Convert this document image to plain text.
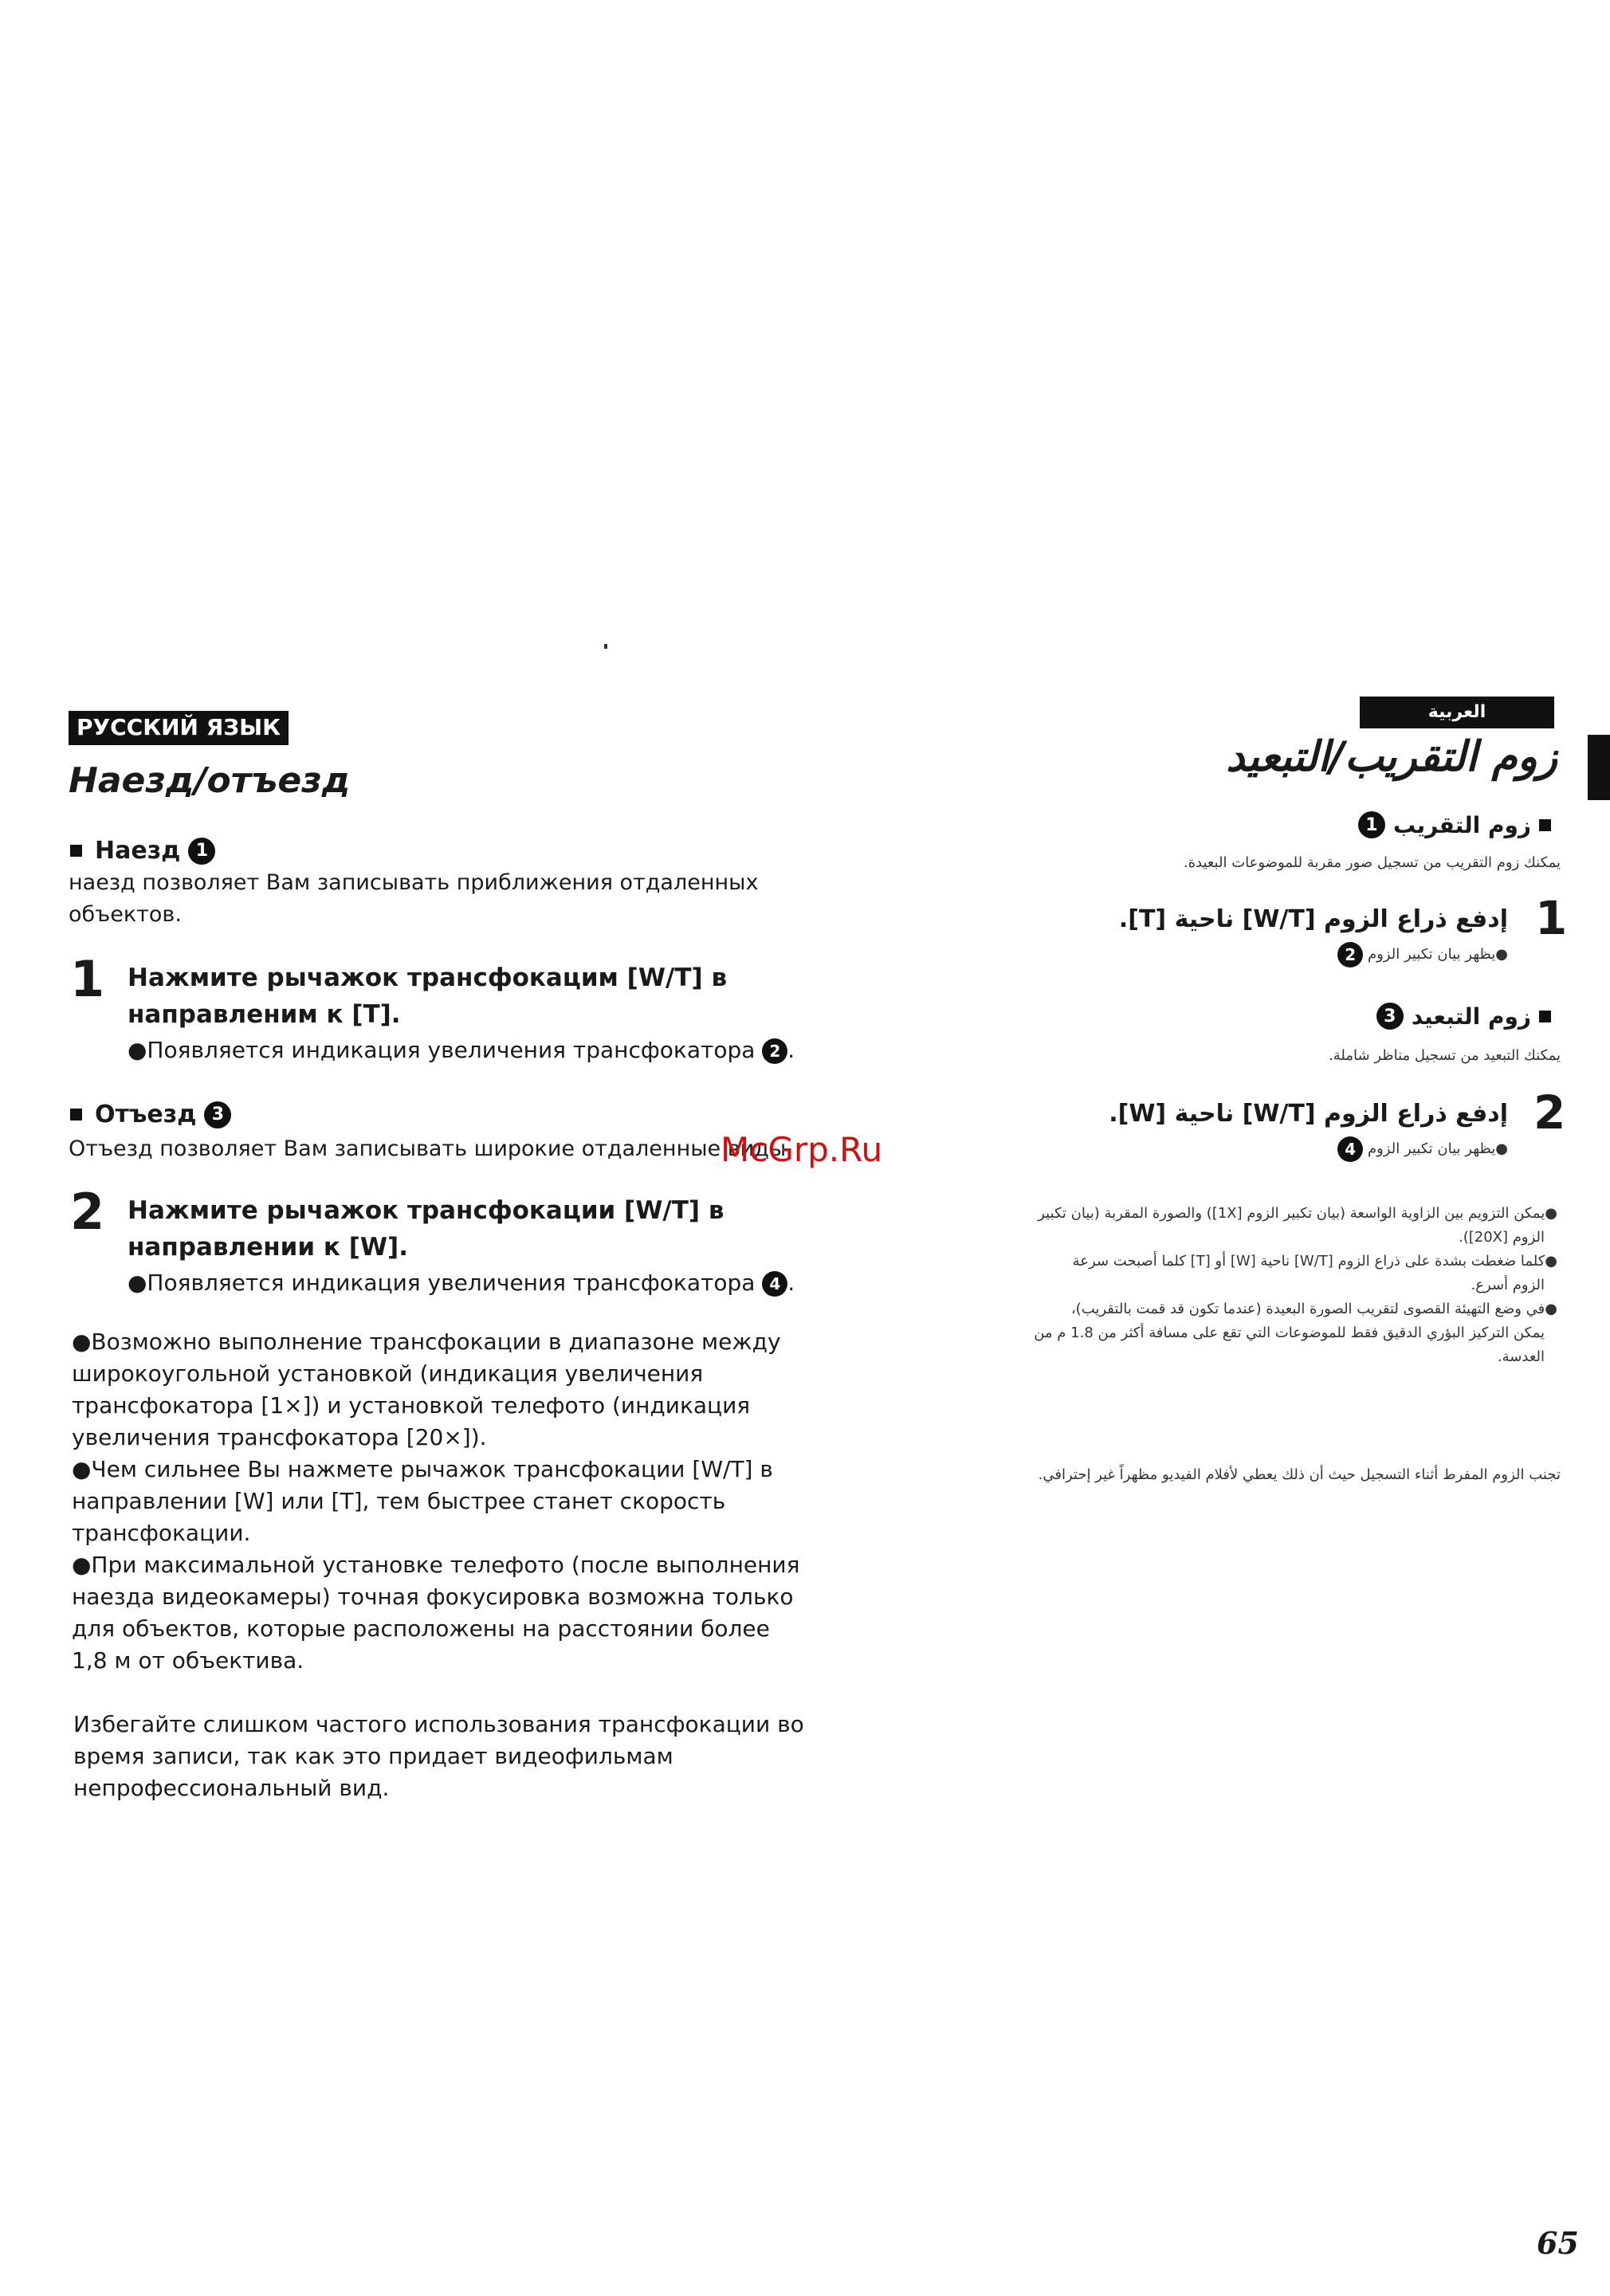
РУССКИЙ ЯЗЫК
Наезд/отъезд
Наезд 1
наезд позволяет Вам записывать приближения отдаленных
объектов.
1 Нажмите рычажок трансфокацим [W/T] в
направленим к [T].
●Появляется индикация увеличения трансфокатора 2 .
Отъезд 3
Отъезд позволяет Вам записывать широкие отдаленные виды.
2 Нажмите рычажок трансфокации [W/T] в
направлении к [W].
●Появляется индикация увеличения трансфокатора 4 .
●Возможно выполнение трансфокации в диапазоне между
широкоугольной установкой (индикация увеличения
трансфокатора [1×]) и установкой телефото (индикация
увеличения трансфокатора [20×]).
●Чем сильнее Вы нажмете рычажок трансфокации [W/T] в
направлении [W] или [T], тем быстрее станет скорость
трансфокации.
●При максимальной установке телефото (после выполнения
наезда видеокамеры) точная фокусировка возможна только
для объектов, которые расположены на расстоянии более
1,8 м от объектива.
Избегайте слишком частого использования трансфокации во
время записи, так как это придает видеофильмам
непрофессиональный вид.
McGrp.Ru
العربية
زوم التقريب/التبعيد
زوم التقريب
1
يمكنك زوم التقريب من تسجيل صور مقربة للموضوعات البعيدة.
1
إدفع ذراع الزوم [W/T] ناحية [T].
●يظهر بيان تكبير الزوم 2
زوم التبعيد
3
يمكنك التبعيد من تسجيل مناظر شاملة.
2
إدفع ذراع الزوم [W/T] ناحية [W].
●يظهر بيان تكبير الزوم 4
●يمكن التزويم بين الزاوية الواسعة (بيان تكبير الزوم [1X]) والصورة المقربة (بيان تكبير
الزوم [20X]).
●كلما ضغطت بشدة على ذراع الزوم [W/T] ناحية [W] أو [T] كلما أصبحت سرعة
الزوم أسرع.
●في وضع التهيئة القصوى لتقريب الصورة البعيدة (عندما تكون قد قمت بالتقريب)،
يمكن التركيز البؤري الدقيق فقط للموضوعات التي تقع على مسافة أكثر من 1.8 م من
العدسة.
تجنب الزوم المفرط أثناء التسجيل حيث أن ذلك يعطي لأفلام الفيديو مظهراً غير إحترافي.
65
